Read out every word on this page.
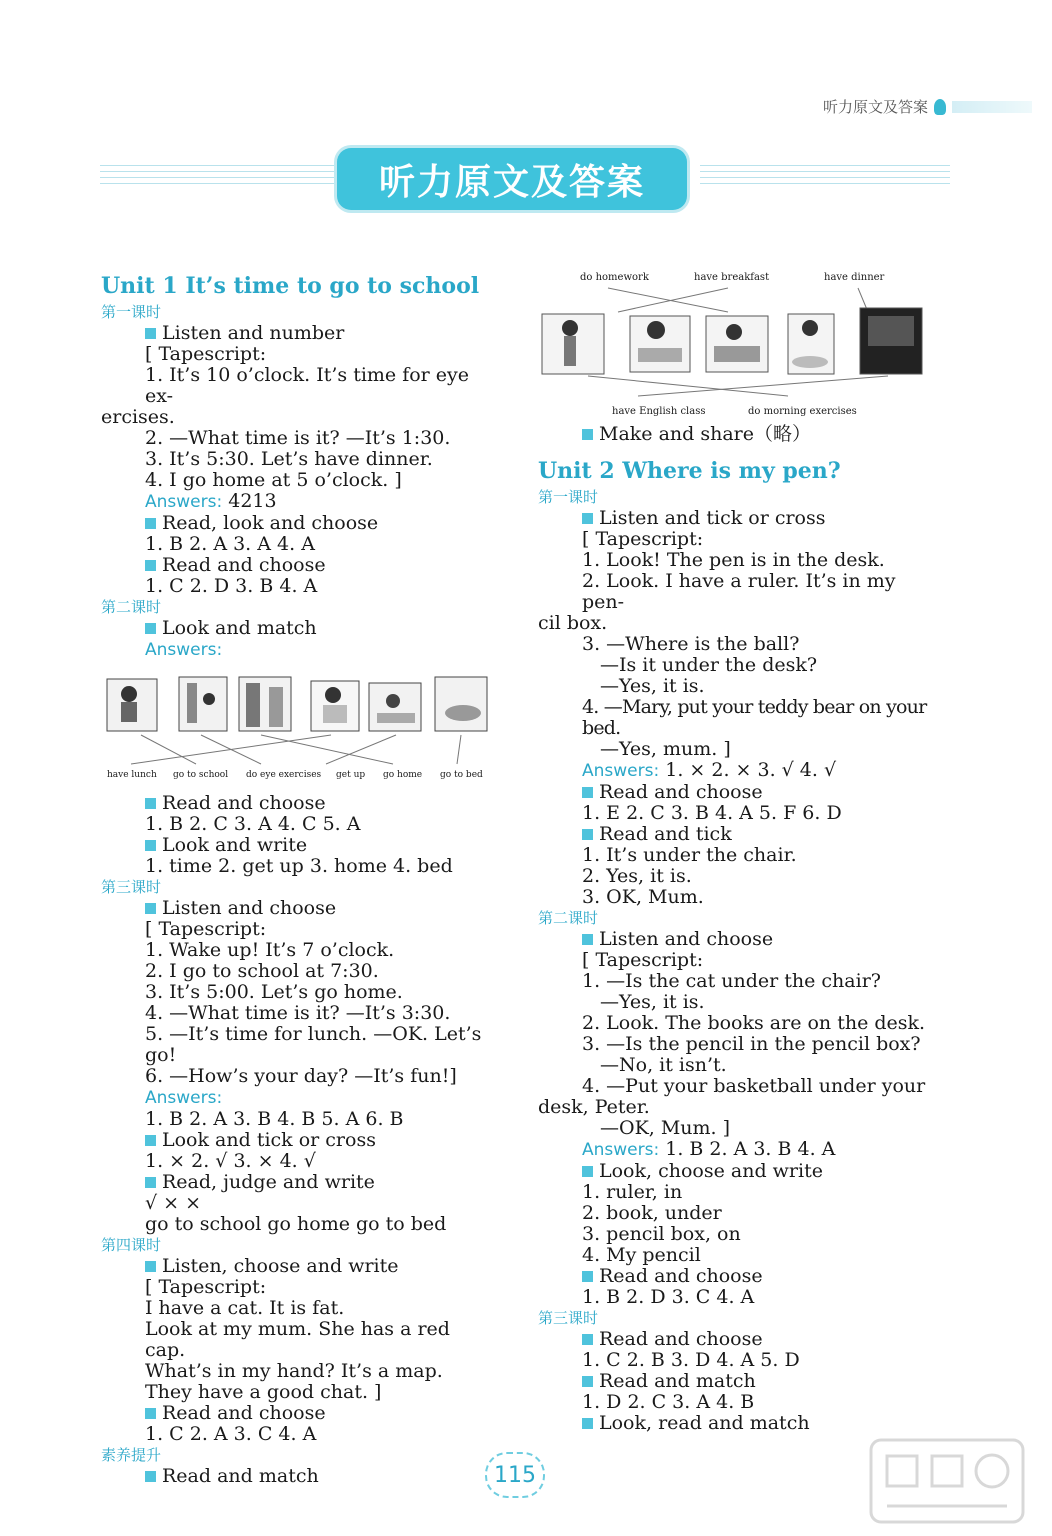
听力原文及答案
听力原文及答案
Unit 1 It’s time to go to school
第一课时
Listen and number
[ Tapescript:
1. It’s 10 o’clock. It’s time for eye ex-
ercises.
2. —What time is it? —It’s 1:30.
3. It’s 5:30. Let’s have dinner.
4. I go home at 5 o’clock. ]
Answers: 4213
Read, look and choose
1. B 2. A 3. A 4. A
Read and choose
1. C 2. D 3. B 4. A
第二课时
Look and match
Answers:
have lunch go to school do eye exercises get up go home go to bed
Read and choose
1. B 2. C 3. A 4. C 5. A
Look and write
1. time 2. get up 3. home 4. bed
第三课时
Listen and choose
[ Tapescript:
1. Wake up! It’s 7 o’clock.
2. I go to school at 7:30.
3. It’s 5:00. Let’s go home.
4. —What time is it? —It’s 3:30.
5. —It’s time for lunch. —OK. Let’s go!
6. —How’s your day? —It’s fun!]
Answers:
1. B 2. A 3. B 4. B 5. A 6. B
Look and tick or cross
1. × 2. √ 3. × 4. √
Read, judge and write
√ × ×
go to school go home go to bed
第四课时
Listen, choose and write
[ Tapescript:
I have a cat. It is fat.
Look at my mum. She has a red cap.
What’s in my hand? It’s a map.
They have a good chat. ]
Read and choose
1. C 2. A 3. C 4. A
素养提升
Read and match
do homework	have breakfast	have dinner
have English class	do morning exercises
Make and share（略）
Unit 2 Where is my pen?
第一课时
Listen and tick or cross
[ Tapescript:
1. Look! The pen is in the desk.
2. Look. I have a ruler. It’s in my pen-
cil box.
3. —Where is the ball?
—Is it under the desk?
—Yes, it is.
4. —Mary, put your teddy bear on your bed.
—Yes, mum. ]
Answers: 1. × 2. × 3. √ 4. √
Read and choose
1. E 2. C 3. B 4. A 5. F 6. D
Read and tick
1. It’s under the chair.
2. Yes, it is.
3. OK, Mum.
第二课时
Listen and choose
[ Tapescript:
1. —Is the cat under the chair?
—Yes, it is.
2. Look. The books are on the desk.
3. —Is the pencil in the pencil box?
—No, it isn’t.
4. —Put your basketball under your
desk, Peter.
—OK, Mum. ]
Answers: 1. B 2. A 3. B 4. A
Look, choose and write
1. ruler, in
2. book, under
3. pencil box, on
4. My pencil
Read and choose
1. B 2. D 3. C 4. A
第三课时
Read and choose
1. C 2. B 3. D 4. A 5. D
Read and match
1. D 2. C 3. A 4. B
Look, read and match
115
